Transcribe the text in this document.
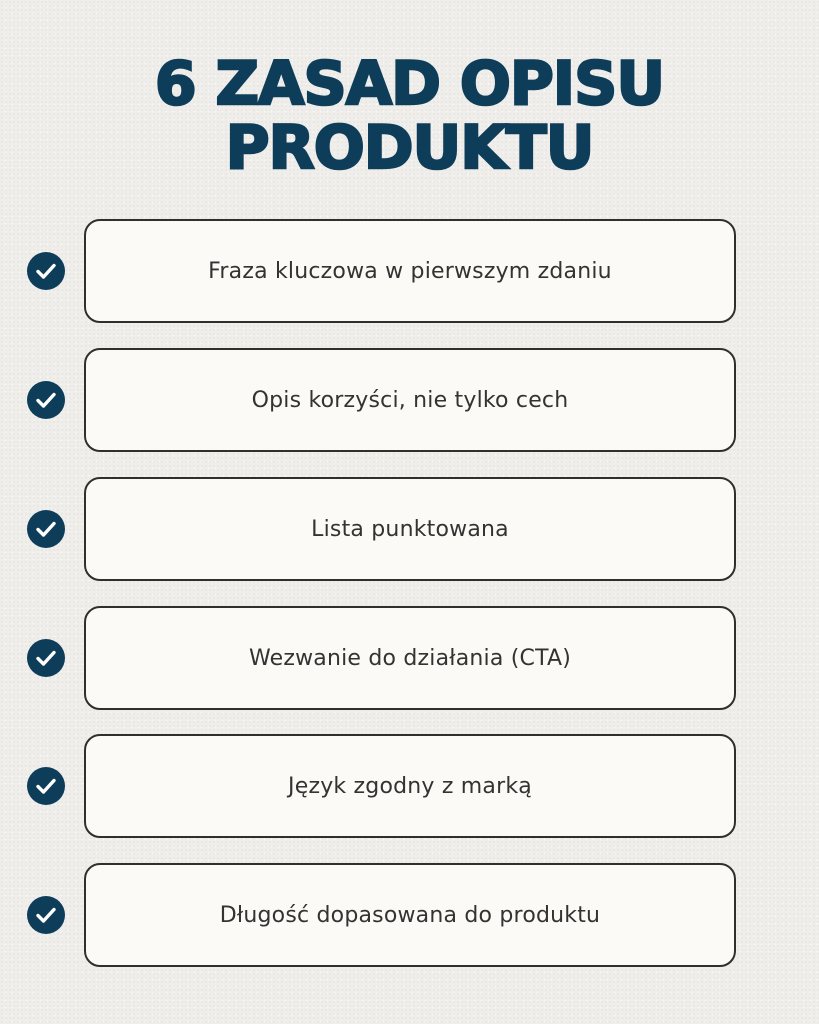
6 ZASAD OPISU
PRODUKTU
Fraza kluczowa w pierwszym zdaniu
Opis korzyści, nie tylko cech
Lista punktowana
Wezwanie do działania (CTA)
Język zgodny z marką
Długość dopasowana do produktu
